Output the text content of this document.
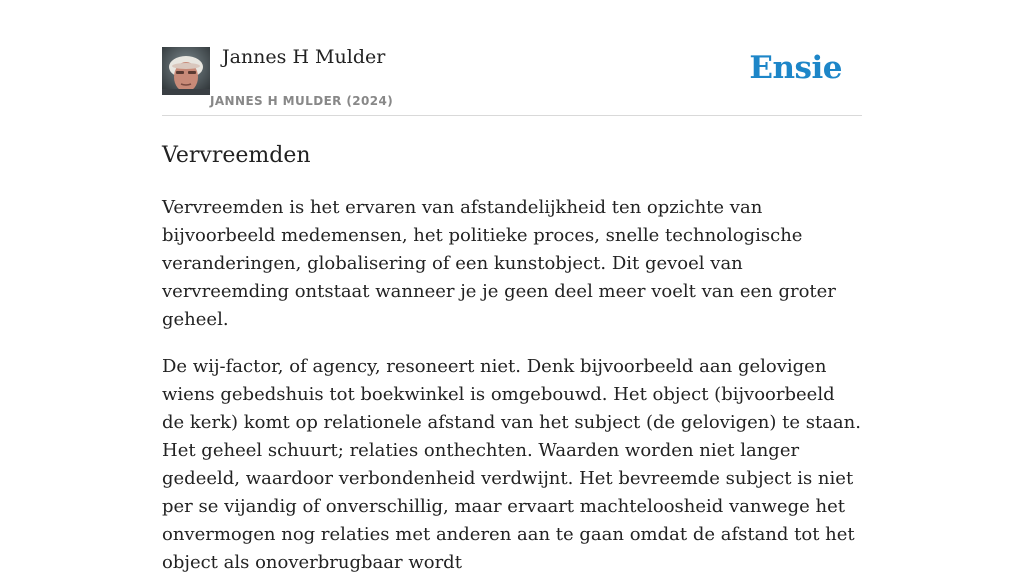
Jannes H Mulder
JANNES H MULDER (2024)
Ensie
Vervreemden

Vervreemden is het ervaren van afstandelijkheid ten opzichte van bijvoorbeeld medemensen, het politieke proces, snelle technologische veranderingen, globalisering of een kunstobject. Dit gevoel van vervreemding ontstaat wanneer je je geen deel meer voelt van een groter geheel.

De wij-factor, of agency, resoneert niet. Denk bijvoorbeeld aan gelovigen wiens gebedshuis tot boekwinkel is omgebouwd. Het object (bijvoorbeeld de kerk) komt op relationele afstand van het subject (de gelovigen) te staan. Het geheel schuurt; relaties onthechten. Waarden worden niet langer gedeeld, waardoor verbondenheid verdwijnt. Het bevreemde subject is niet per se vijandig of onverschillig, maar ervaart machteloosheid vanwege het onvermogen nog relaties met anderen aan te gaan omdat de afstand tot het object als onoverbrugbaar wordt
